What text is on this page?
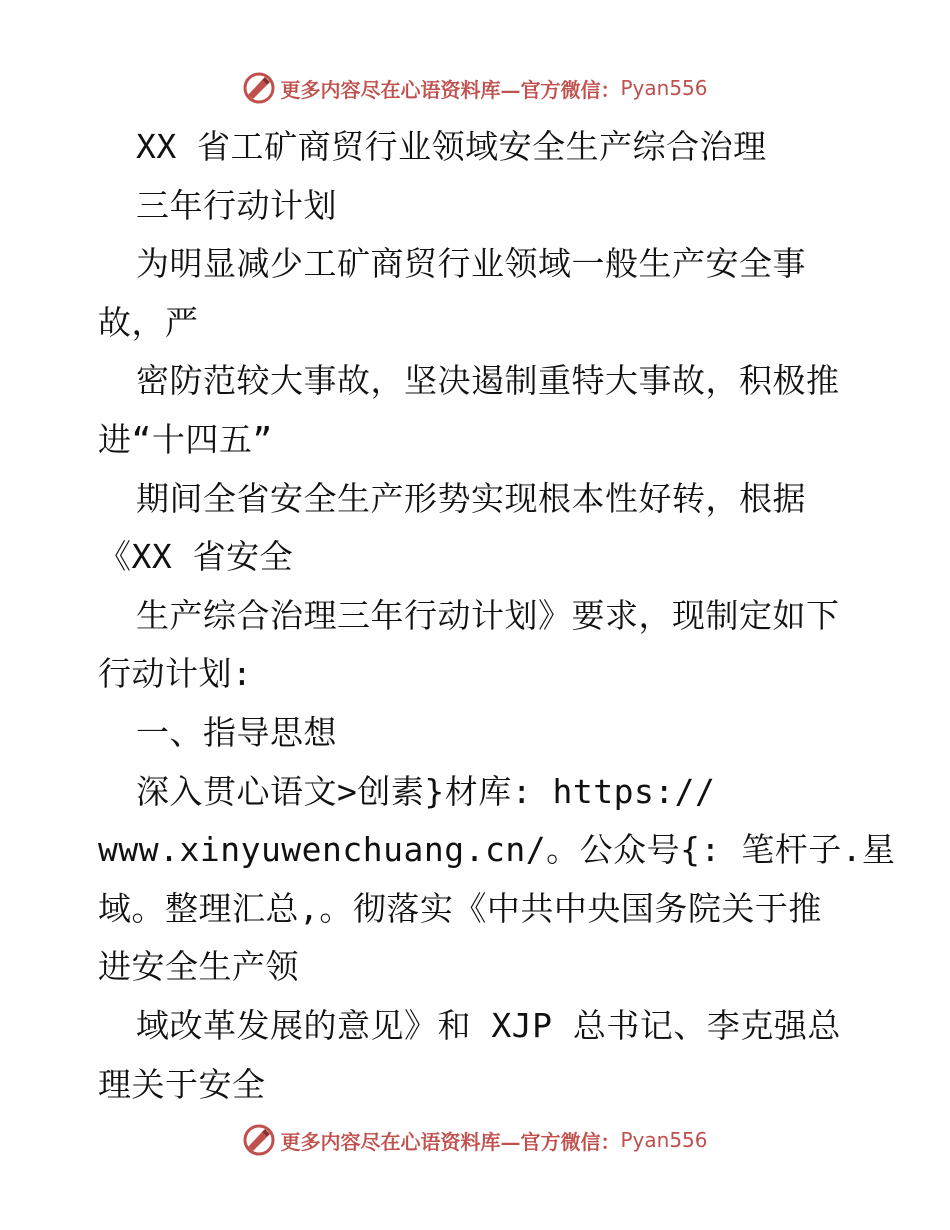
更多内容尽在心语资料库—官方微信： Pyan556
XX 省工矿商贸行业领域安全生产综合治理
三年行动计划
为明显减少工矿商贸行业领域一般生产安全事
故，严
密防范较大事故，坚决遏制重特大事故，积极推
进“十四五”
期间全省安全生产形势实现根本性好转，根据
《XX 省安全
生产综合治理三年行动计划》要求，现制定如下
行动计划:
一、指导思想
深入贯心语文>创素}材库: https://
www.xinyuwenchuang.cn/。公众号{: 笔杆子.星
域。整理汇总,。彻落实《中共中央国务院关于推
进安全生产领
域改革发展的意见》和 XJP 总书记、李克强总
理关于安全
更多内容尽在心语资料库—官方微信： Pyan556
